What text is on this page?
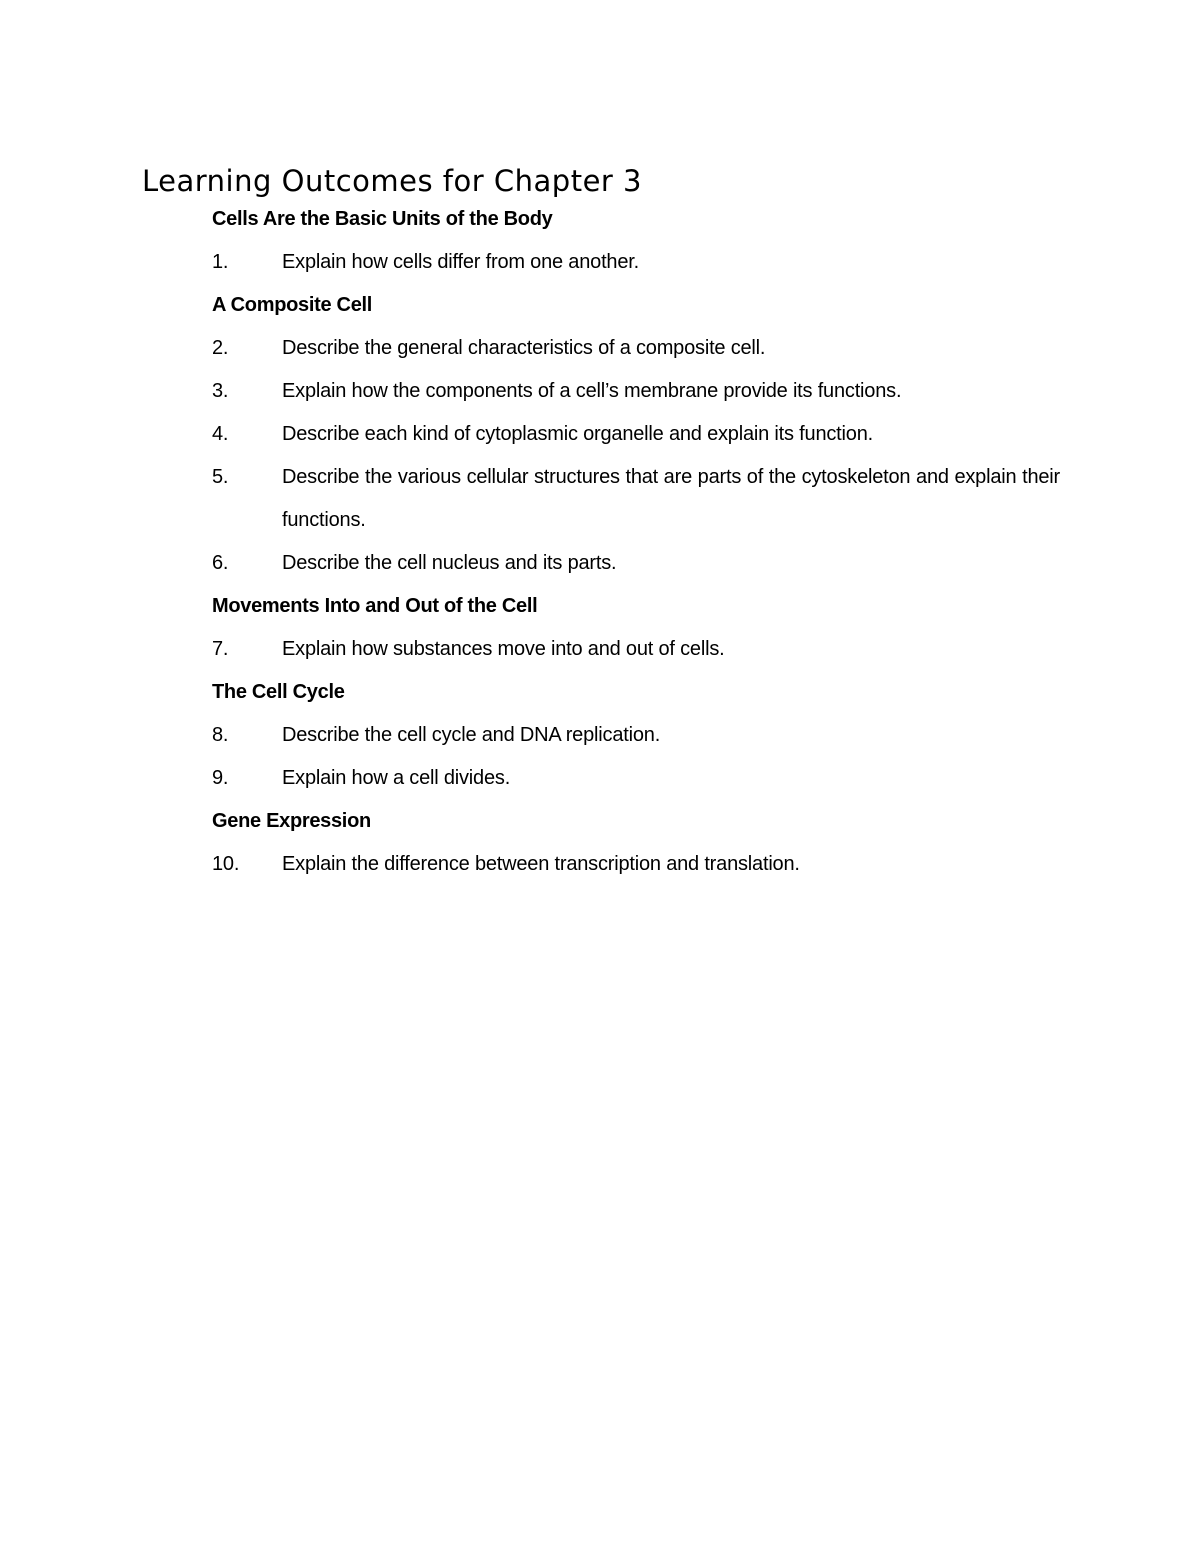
Learning Outcomes for Chapter 3
Cells Are the Basic Units of the Body
1.	Explain how cells differ from one another.
A Composite Cell
2.	Describe the general characteristics of a composite cell.
3.	Explain how the components of a cell’s membrane provide its functions.
4.	Describe each kind of cytoplasmic organelle and explain its function.
5.	Describe the various cellular structures that are parts of the cytoskeleton and explain their functions.
6.	Describe the cell nucleus and its parts.
Movements Into and Out of the Cell
7.	Explain how substances move into and out of cells.
The Cell Cycle
8.	Describe the cell cycle and DNA replication.
9.	Explain how a cell divides.
Gene Expression
10.	Explain the difference between transcription and translation.
